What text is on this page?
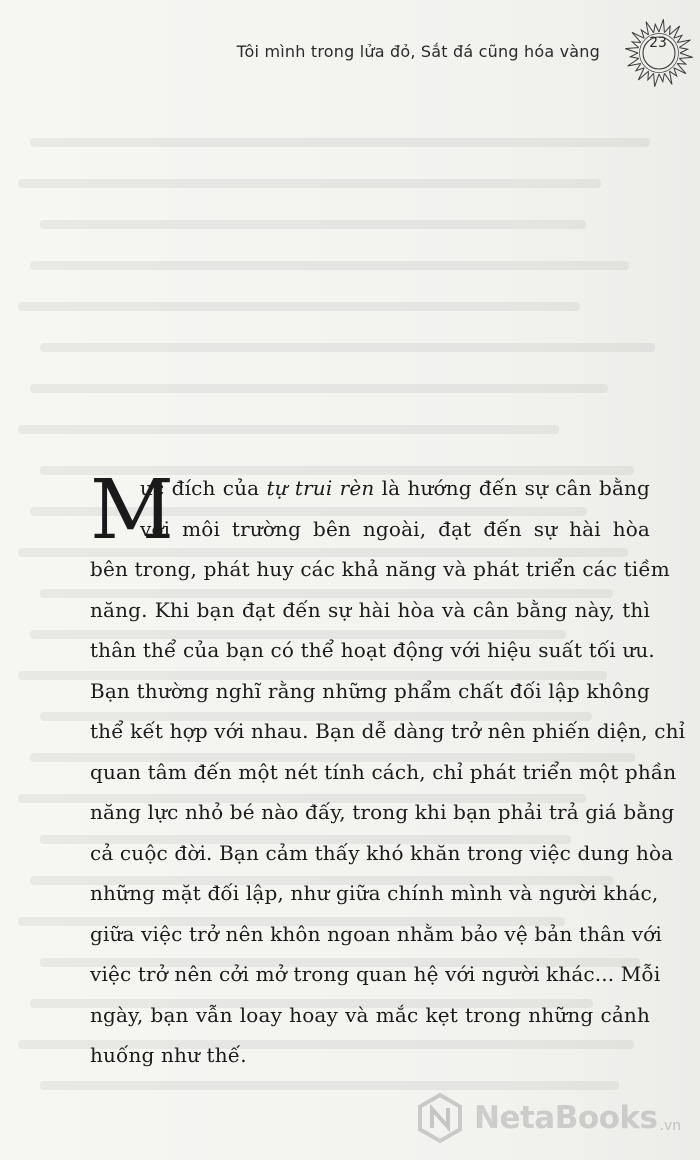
Tôi mình trong lửa đỏ, Sắt đá cũng hóa vàng	23
M
ục đích của tự trui rèn là hướng đến sự cân bằng
với môi trường bên ngoài, đạt đến sự hài hòa
bên trong, phát huy các khả năng và phát triển các tiềm
năng. Khi bạn đạt đến sự hài hòa và cân bằng này, thì
thân thể của bạn có thể hoạt động với hiệu suất tối ưu.
Bạn thường nghĩ rằng những phẩm chất đối lập không
thể kết hợp với nhau. Bạn dễ dàng trở nên phiến diện, chỉ
quan tâm đến một nét tính cách, chỉ phát triển một phần
năng lực nhỏ bé nào đấy, trong khi bạn phải trả giá bằng
cả cuộc đời. Bạn cảm thấy khó khăn trong việc dung hòa
những mặt đối lập, như giữa chính mình và người khác,
giữa việc trở nên khôn ngoan nhằm bảo vệ bản thân với
việc trở nên cởi mở trong quan hệ với người khác... Mỗi
ngày, bạn vẫn loay hoay và mắc kẹt trong những cảnh
huống như thế.
NetaBooks .vn
